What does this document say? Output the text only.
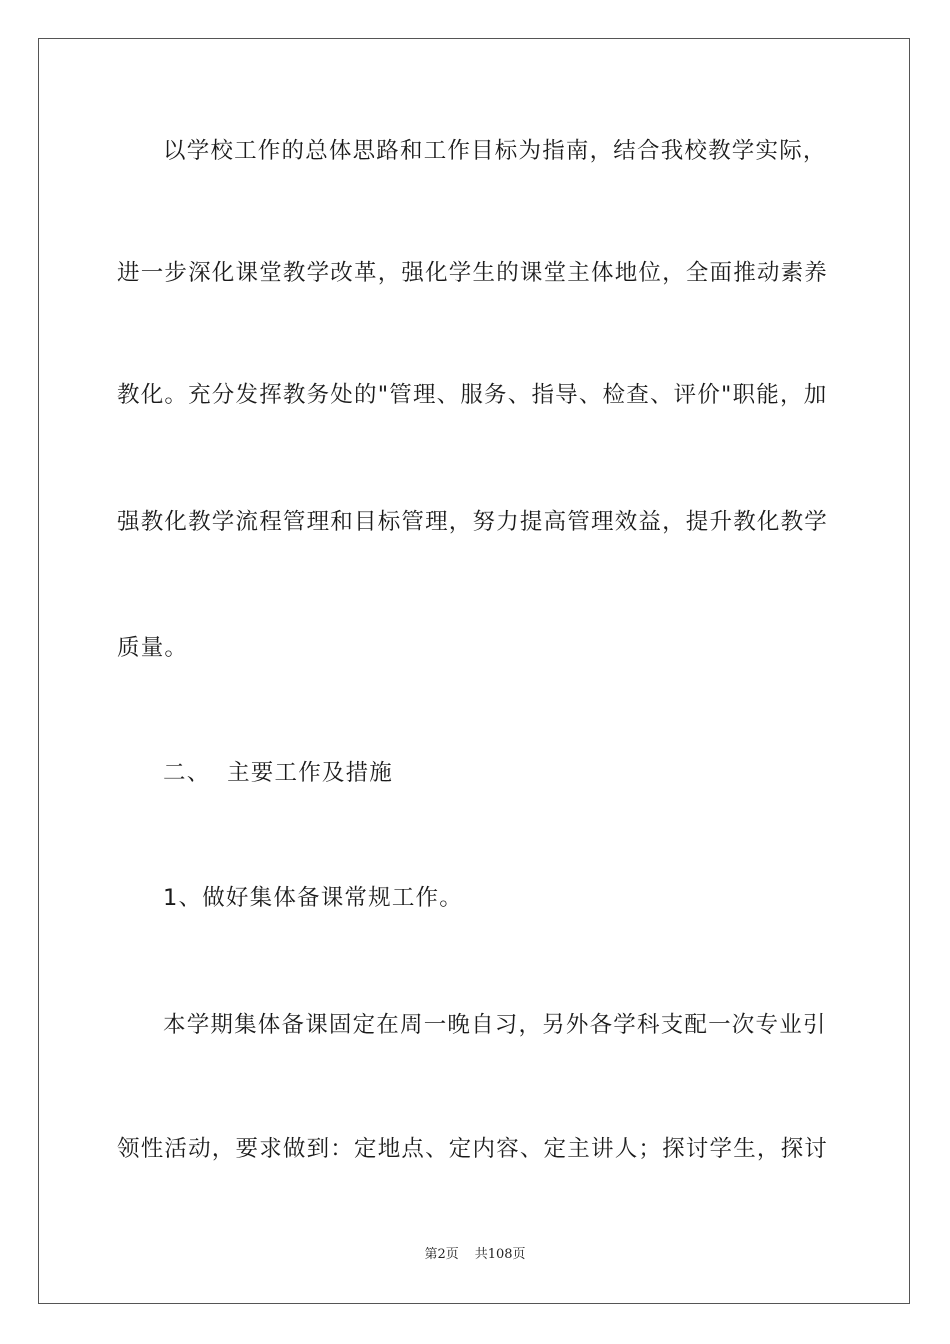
以学校工作的总体思路和工作目标为指南，结合我校教学实际，
进一步深化课堂教学改革，强化学生的课堂主体地位，全面推动素养
教化。充分发挥教务处的"管理、服务、指导、检查、评价"职能，加
强教化教学流程管理和目标管理，努力提高管理效益，提升教化教学
质量。
二、  主要工作及措施
1、做好集体备课常规工作。
本学期集体备课固定在周一晚自习，另外各学科支配一次专业引
领性活动，要求做到：定地点、定内容、定主讲人；探讨学生，探讨
第2页 共108页
